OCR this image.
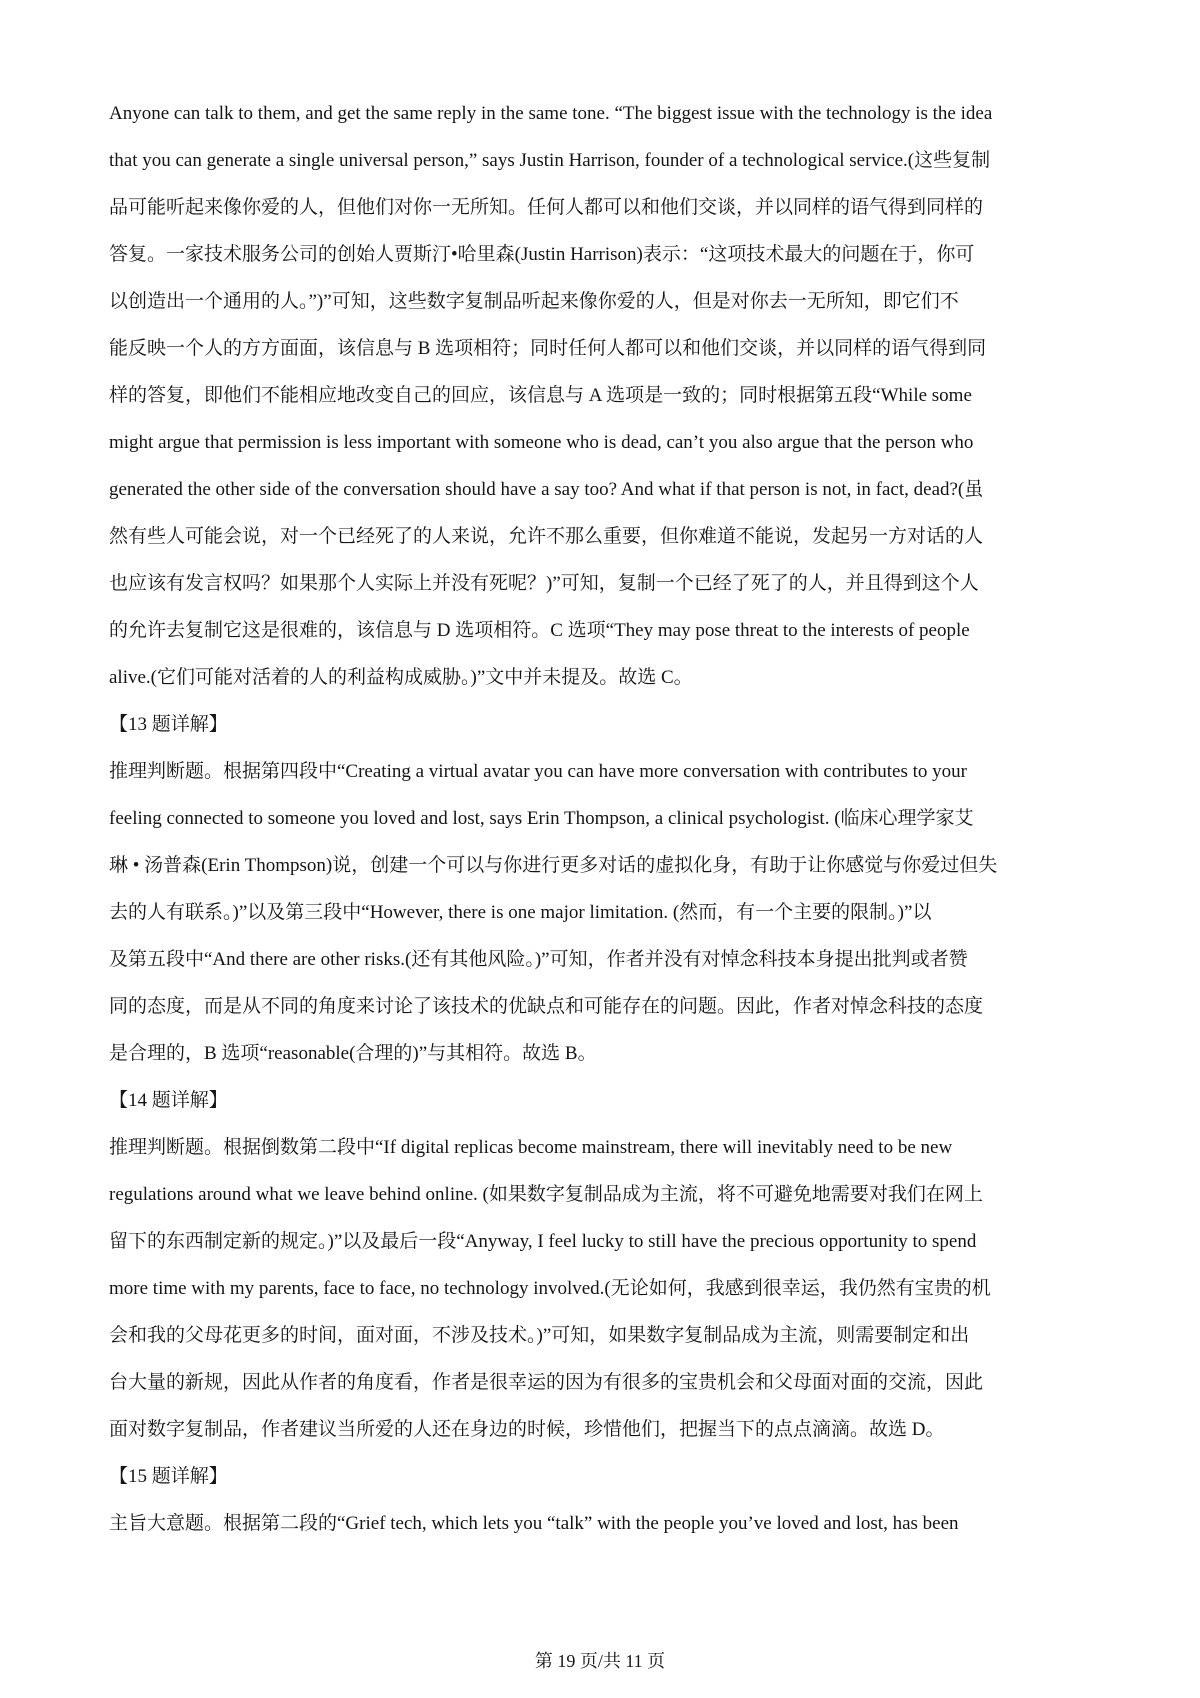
Anyone can talk to them, and get the same reply in the same tone. “The biggest issue with the technology is the idea
that you can generate a single universal person,” says Justin Harrison, founder of a technological service.(这些复制
品可能听起来像你爱的人，但他们对你一无所知。任何人都可以和他们交谈，并以同样的语气得到同样的
答复。一家技术服务公司的创始人贾斯汀•哈里森(Justin Harrison)表示：“这项技术最大的问题在于，你可
以创造出一个通用的人。”)”可知，这些数字复制品听起来像你爱的人，但是对你去一无所知，即它们不
能反映一个人的方方面面，该信息与 B 选项相符；同时任何人都可以和他们交谈，并以同样的语气得到同
样的答复，即他们不能相应地改变自己的回应，该信息与 A 选项是一致的；同时根据第五段“While some
might argue that permission is less important with someone who is dead, can’t you also argue that the person who
generated the other side of the conversation should have a say too? And what if that person is not, in fact, dead?(虽
然有些人可能会说，对一个已经死了的人来说，允许不那么重要，但你难道不能说，发起另一方对话的人
也应该有发言权吗？如果那个人实际上并没有死呢？)”可知，复制一个已经了死了的人，并且得到这个人
的允许去复制它这是很难的，该信息与 D 选项相符。C 选项“They may pose threat to the interests of people
alive.(它们可能对活着的人的利益构成威胁。)”文中并未提及。故选 C。
【13 题详解】
推理判断题。根据第四段中“Creating a virtual avatar you can have more conversation with contributes to your
feeling connected to someone you loved and lost, says Erin Thompson, a clinical psychologist. (临床心理学家艾
琳 • 汤普森(Erin Thompson)说，创建一个可以与你进行更多对话的虚拟化身，有助于让你感觉与你爱过但失
去的人有联系。)”以及第三段中“However, there is one major limitation. (然而，有一个主要的限制。)”以
及第五段中“And there are other risks.(还有其他风险。)”可知，作者并没有对悼念科技本身提出批判或者赞
同的态度，而是从不同的角度来讨论了该技术的优缺点和可能存在的问题。因此，作者对悼念科技的态度
是合理的，B 选项“reasonable(合理的)”与其相符。故选 B。
【14 题详解】
推理判断题。根据倒数第二段中“If digital replicas become mainstream, there will inevitably need to be new
regulations around what we leave behind online. (如果数字复制品成为主流，将不可避免地需要对我们在网上
留下的东西制定新的规定。)”以及最后一段“Anyway, I feel lucky to still have the precious opportunity to spend
more time with my parents, face to face, no technology involved.(无论如何，我感到很幸运，我仍然有宝贵的机
会和我的父母花更多的时间，面对面，不涉及技术。)”可知，如果数字复制品成为主流，则需要制定和出
台大量的新规，因此从作者的角度看，作者是很幸运的因为有很多的宝贵机会和父母面对面的交流，因此
面对数字复制品，作者建议当所爱的人还在身边的时候，珍惜他们，把握当下的点点滴滴。故选 D。
【15 题详解】
主旨大意题。根据第二段的“Grief tech, which lets you “talk” with the people you’ve loved and lost, has been
第 19 页/共 11 页
